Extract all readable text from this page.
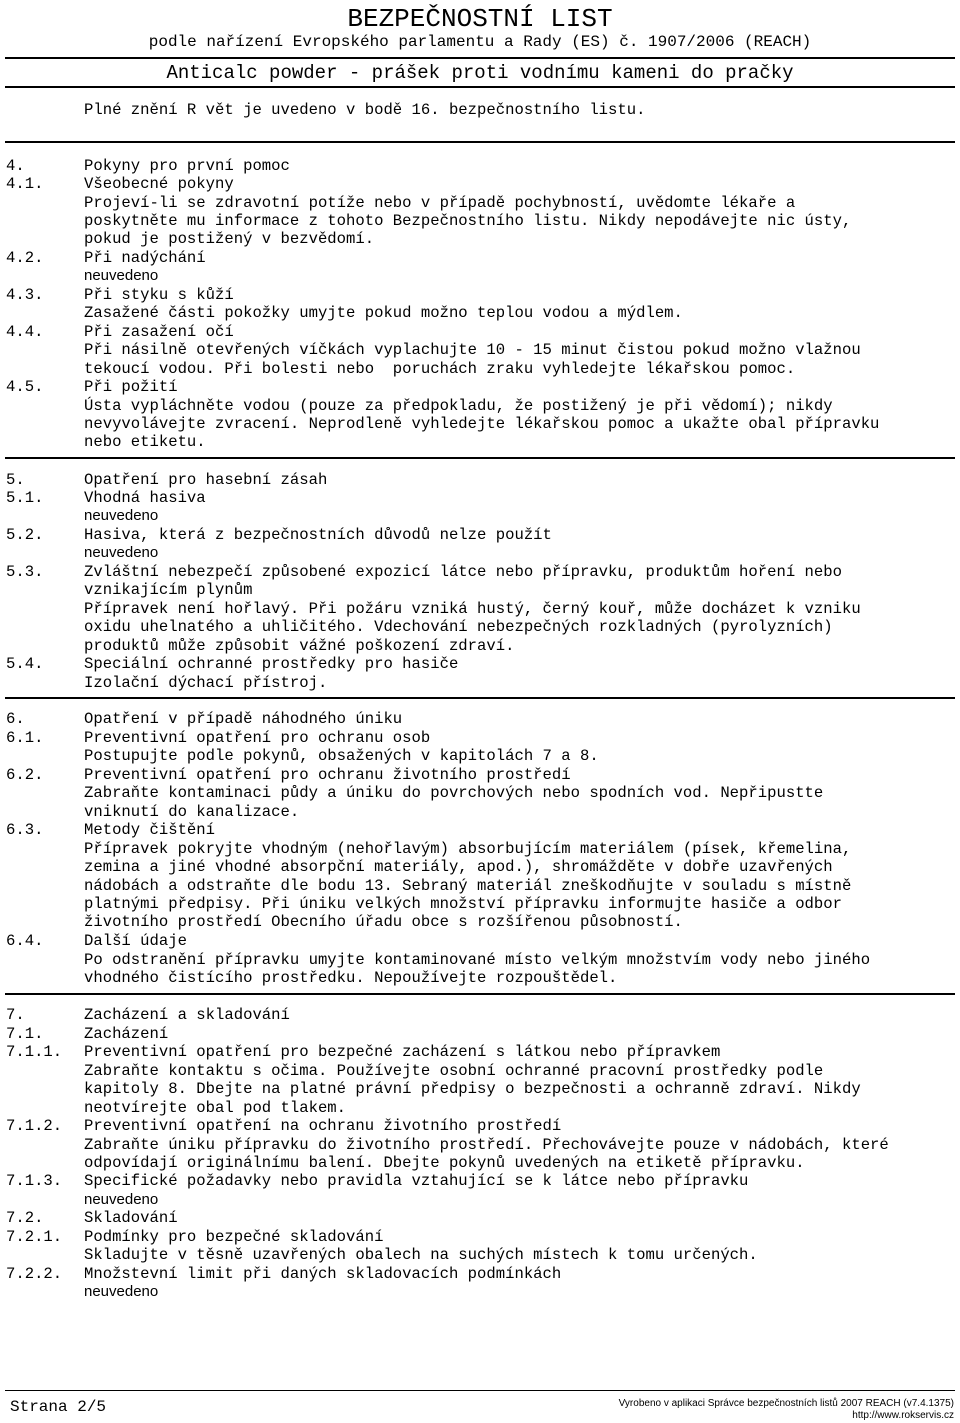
BEZPEČNOSTNÍ LIST
podle nařízení Evropského parlamentu a Rady (ES) č. 1907/2006 (REACH)
Anticalc powder - prášek proti vodnímu kameni do pračky
Plné znění R vět je uvedeno v bodě 16. bezpečnostního listu.
4.	Pokyny pro první pomoc
4.1.	Všeobecné pokyny
Projeví-li se zdravotní potíže nebo v případě pochybností, uvědomte lékaře a
poskytněte mu informace z tohoto Bezpečnostního listu. Nikdy nepodávejte nic ústy,
pokud je postižený v bezvědomí.
4.2.	Při nadýchání
neuvedeno
4.3.	Při styku s kůží
Zasažené části pokožky umyjte pokud možno teplou vodou a mýdlem.
4.4.	Při zasažení očí
Při násilně otevřených víčkách vyplachujte 10 - 15 minut čistou pokud možno vlažnou
tekoucí vodou. Při bolesti nebo  poruchách zraku vyhledejte lékařskou pomoc.
4.5.	Při požití
Ústa vypláchněte vodou (pouze za předpokladu, že postižený je při vědomí); nikdy
nevyvolávejte zvracení. Neprodleně vyhledejte lékařskou pomoc a ukažte obal přípravku
nebo etiketu.
5.	Opatření pro hasební zásah
5.1.	Vhodná hasiva
neuvedeno
5.2.	Hasiva, která z bezpečnostních důvodů nelze použít
neuvedeno
5.3.	Zvláštní nebezpečí způsobené expozicí látce nebo přípravku, produktům hoření nebo
vznikajícím plynům
Přípravek není hořlavý. Při požáru vzniká hustý, černý kouř, může docházet k vzniku
oxidu uhelnatého a uhličitého. Vdechování nebezpečných rozkladných (pyrolyzních)
produktů může způsobit vážné poškození zdraví.
5.4.	Speciální ochranné prostředky pro hasiče
Izolační dýchací přístroj.
6.	Opatření v případě náhodného úniku
6.1.	Preventivní opatření pro ochranu osob
Postupujte podle pokynů, obsažených v kapitolách 7 a 8.
6.2.	Preventivní opatření pro ochranu životního prostředí
Zabraňte kontaminaci půdy a úniku do povrchových nebo spodních vod. Nepřipustte
vniknutí do kanalizace.
6.3.	Metody čištění
Přípravek pokryjte vhodným (nehořlavým) absorbujícím materiálem (písek, křemelina,
zemina a jiné vhodné absorpční materiály, apod.), shromážděte v dobře uzavřených
nádobách a odstraňte dle bodu 13. Sebraný materiál zneškodňujte v souladu s místně
platnými předpisy. Při úniku velkých množství přípravku informujte hasiče a odbor
životního prostředí Obecního úřadu obce s rozšířenou působností.
6.4.	Další údaje
Po odstranění přípravku umyjte kontaminované místo velkým množstvím vody nebo jiného
vhodného čistícího prostředku. Nepoužívejte rozpouštědel.
7.	Zacházení a skladování
7.1.	Zacházení
7.1.1. Preventivní opatření pro bezpečné zacházení s látkou nebo přípravkem
Zabraňte kontaktu s očima. Používejte osobní ochranné pracovní prostředky podle
kapitoly 8. Dbejte na platné právní předpisy o bezpečnosti a ochranně zdraví. Nikdy
neotvírejte obal pod tlakem.
7.1.2. Preventivní opatření na ochranu životního prostředí
Zabraňte úniku přípravku do životního prostředí. Přechovávejte pouze v nádobách, které
odpovídají originálnímu balení. Dbejte pokynů uvedených na etiketě přípravku.
7.1.3. Specifické požadavky nebo pravidla vztahující se k látce nebo přípravku
neuvedeno
7.2.	Skladování
7.2.1. Podmínky pro bezpečné skladování
Skladujte v těsně uzavřených obalech na suchých místech k tomu určených.
7.2.2. Množstevní limit při daných skladovacích podmínkách
neuvedeno
Strana 2/5	Vyrobeno v aplikaci Správce bezpečnostních listů 2007 REACH (v7.4.1375)
http://www.rokservis.cz
